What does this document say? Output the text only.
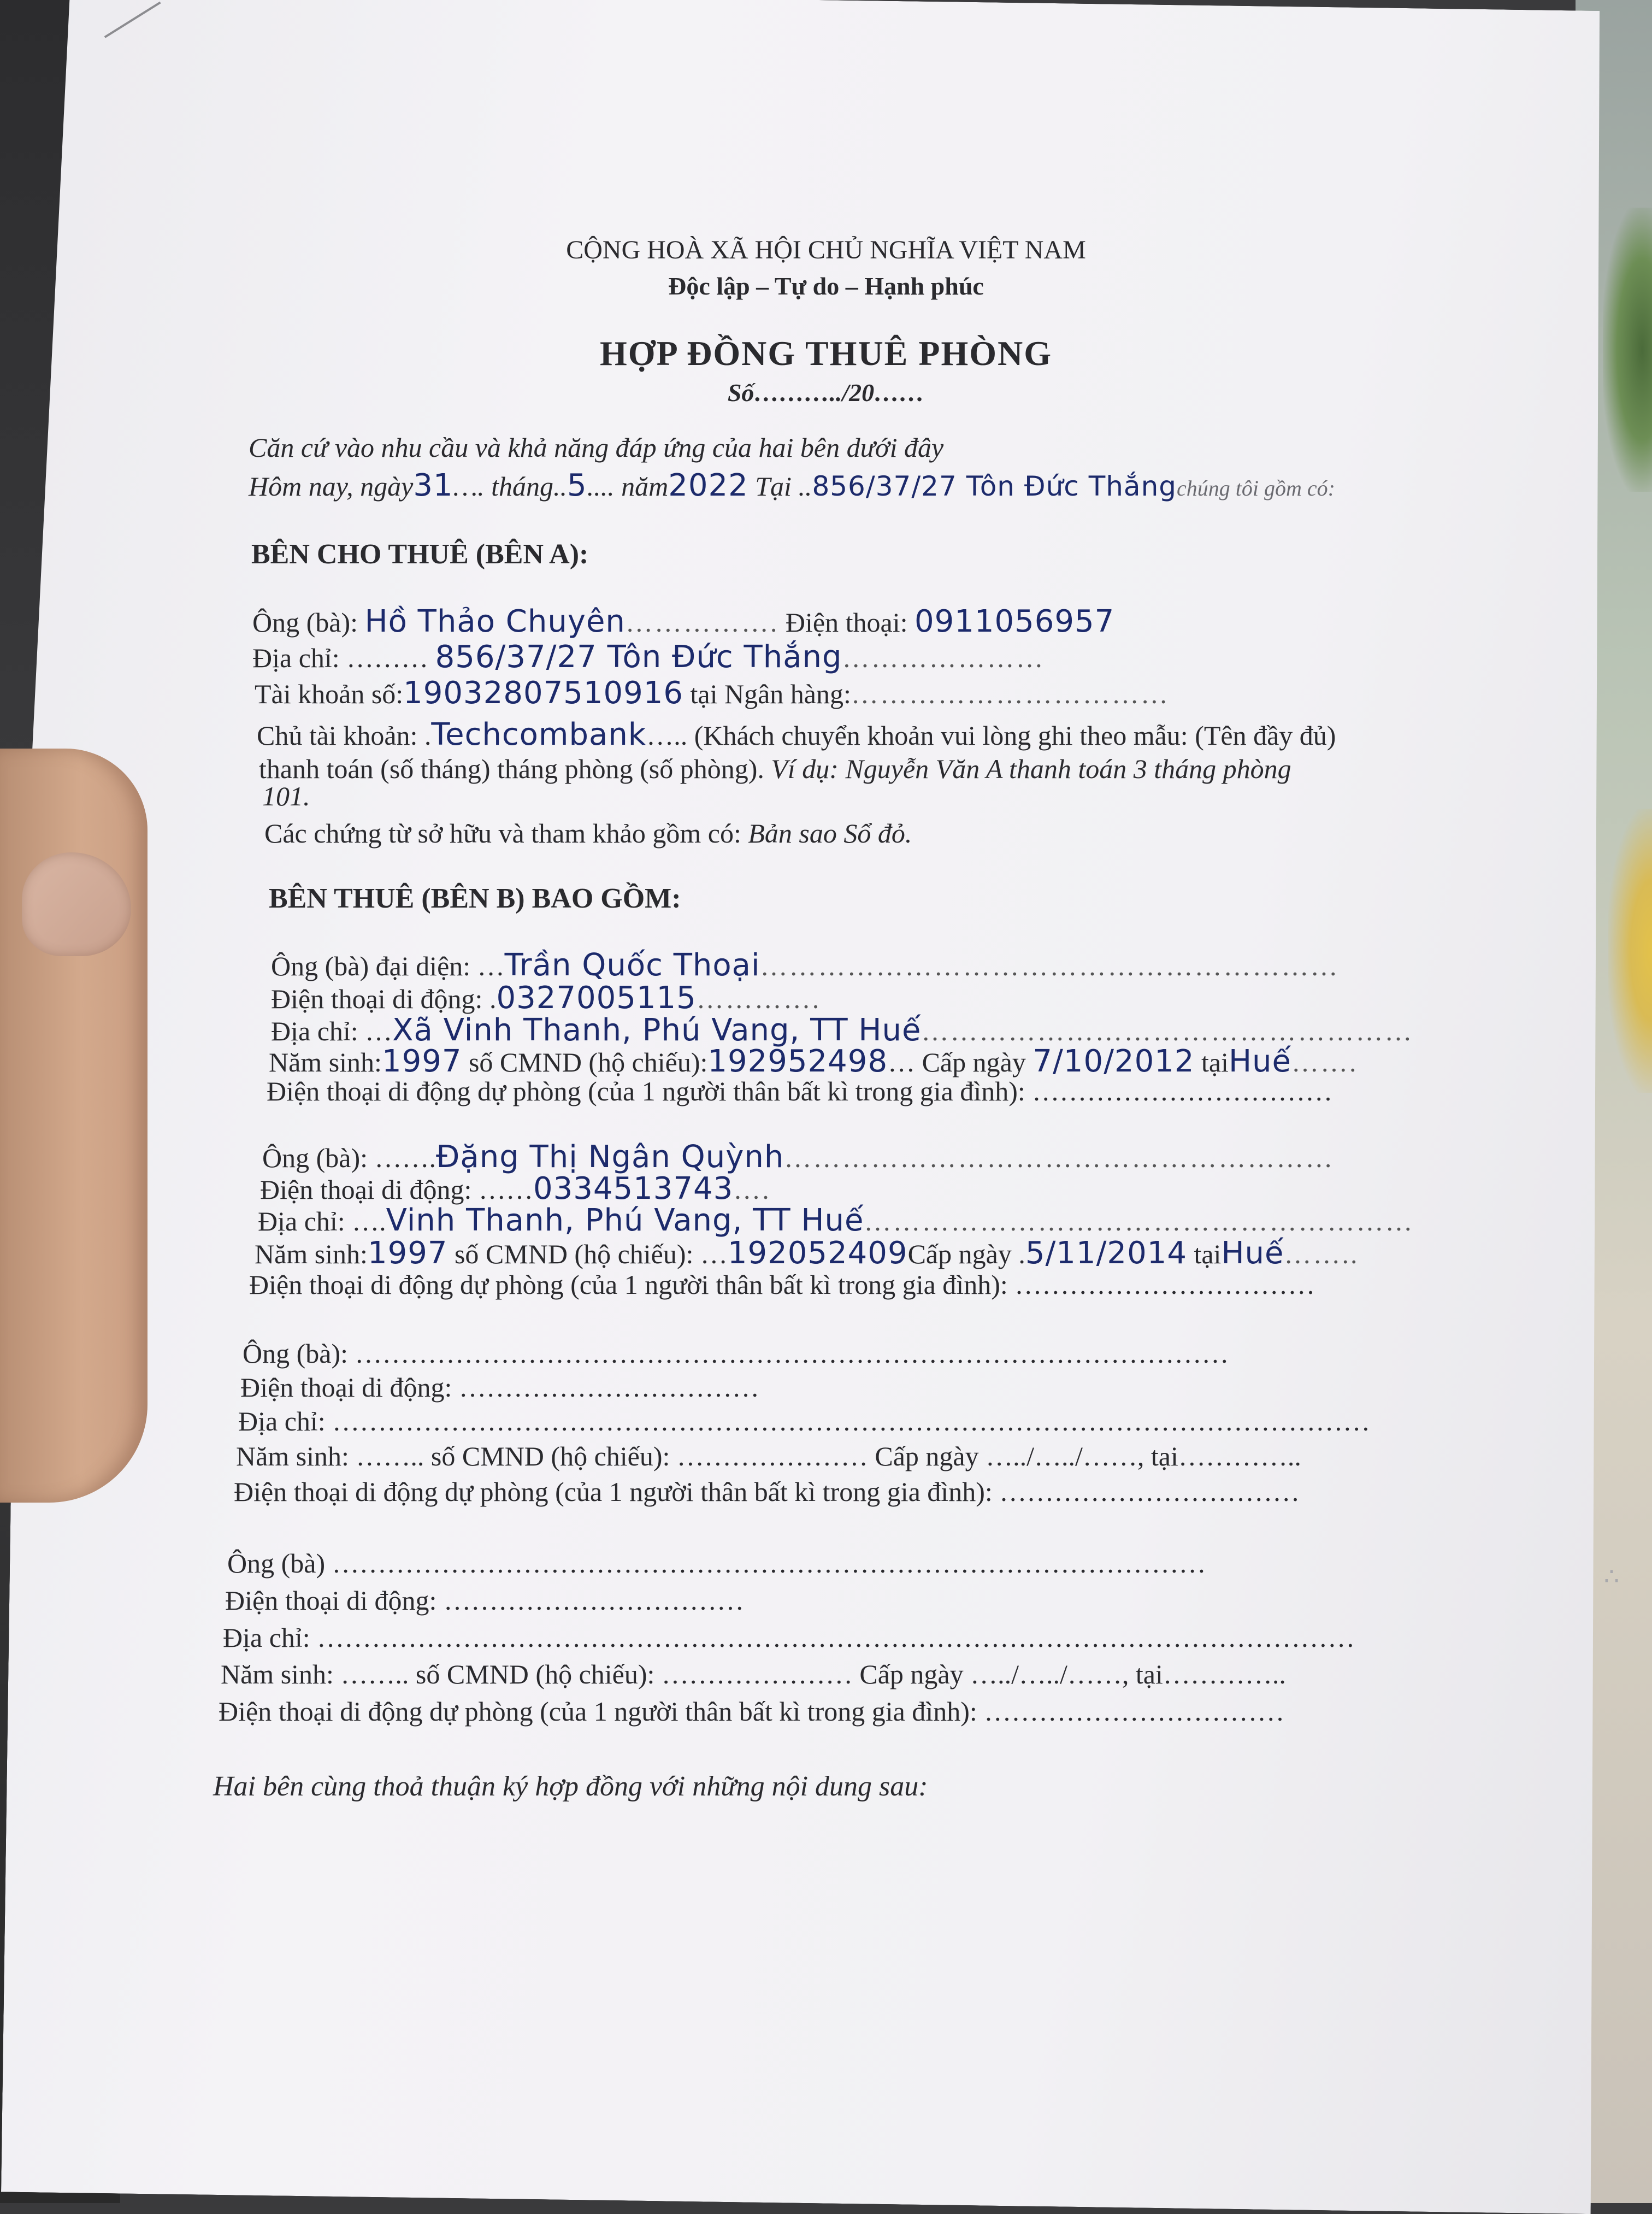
CỘNG HOÀ XÃ HỘI CHỦ NGHĨA VIỆT NAM
Độc lập – Tự do – Hạnh phúc
HỢP ĐỒNG THUÊ PHÒNG
Số………../20……
Căn cứ vào nhu cầu và khả năng đáp ứng của hai bên dưới đây
Hôm nay, ngày31…. tháng..5.... năm2022 Tại ..856/37/27 Tôn Đức Thắngchúng tôi gồm có:
BÊN CHO THUÊ (BÊN A):
Ông (bà): Hồ Thảo Chuyên……………. Điện thoại: 0911056957
Địa chỉ: ……… 856/37/27 Tôn Đức Thắng…………………
Tài khoản số:19032807510916 tại Ngân hàng:……………………………
Chủ tài khoản: .Techcombank….. (Khách chuyển khoản vui lòng ghi theo mẫu: (Tên đầy đủ)
thanh toán (số tháng) tháng phòng (số phòng). Ví dụ: Nguyễn Văn A thanh toán 3 tháng phòng
101.
Các chứng từ sở hữu và tham khảo gồm có: Bản sao Sổ đỏ.
BÊN THUÊ (BÊN B) BAO GỒM:
Ông (bà) đại diện: …Trần Quốc Thoại……………………………………………………
Điện thoại di động: .0327005115………….
Địa chỉ: …Xã Vinh Thanh, Phú Vang, TT Huế……………………………………………
Năm sinh:1997 số CMND (hộ chiếu):192952498… Cấp ngày 7/10/2012 tạiHuế…….
Điện thoại di động dự phòng (của 1 người thân bất kì trong gia đình): ……………………………
Ông (bà): …….Đặng Thị Ngân Quỳnh…………………………………………………
Điện thoại di động: ……0334513743….
Địa chỉ: ….Vinh Thanh, Phú Vang, TT Huế…………………………………………………
Năm sinh:1997 số CMND (hộ chiếu): …192052409Cấp ngày .5/11/2014 tạiHuế……..
Điện thoại di động dự phòng (của 1 người thân bất kì trong gia đình): ……………………………
Ông (bà): ……………………………………………………………………………………
Điện thoại di động: ……………………………
Địa chỉ: ……………………………………………………………………………………………………
Năm sinh: …….. số CMND (hộ chiếu): ………………… Cấp ngày …../…../……, tại…………..
Điện thoại di động dự phòng (của 1 người thân bất kì trong gia đình): ……………………………
Ông (bà) ……………………………………………………………………………………
Điện thoại di động: ……………………………
Địa chỉ: ……………………………………………………………………………………………………
Năm sinh: …….. số CMND (hộ chiếu): ………………… Cấp ngày …../…../……, tại…………..
Điện thoại di động dự phòng (của 1 người thân bất kì trong gia đình): ……………………………
Hai bên cùng thoả thuận ký hợp đồng với những nội dung sau:
∴
